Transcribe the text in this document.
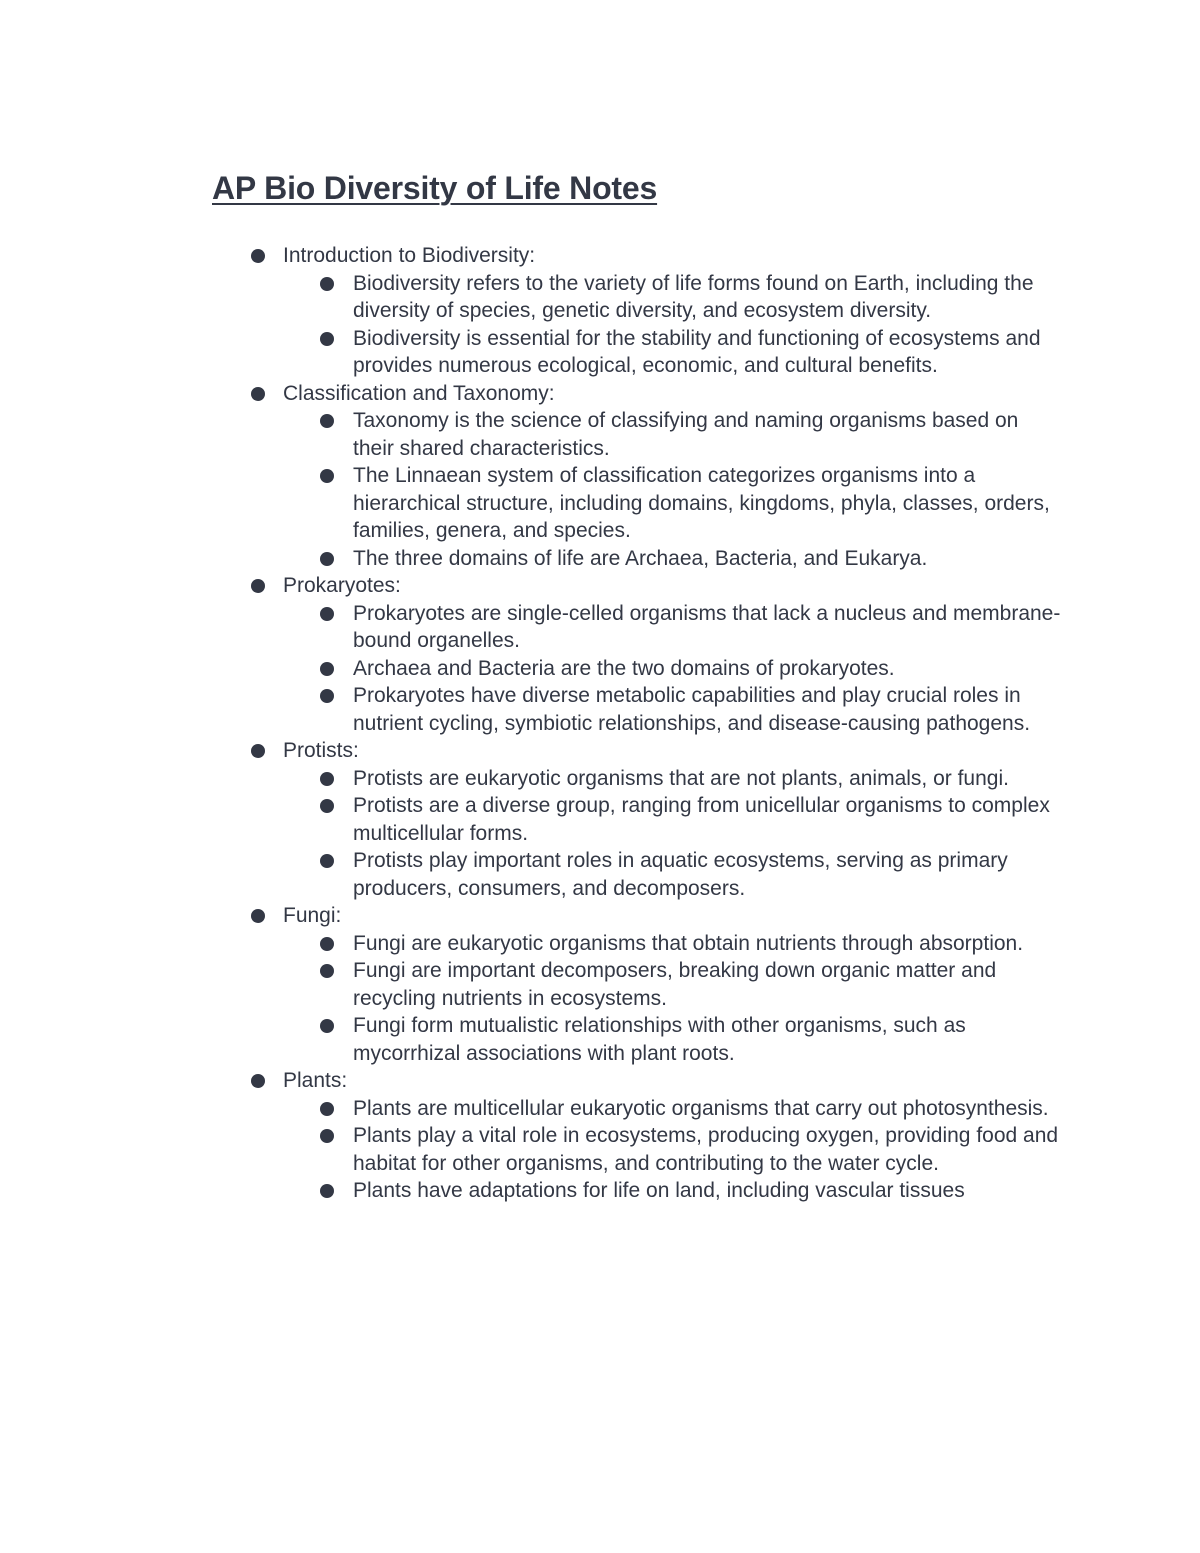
AP Bio Diversity of Life Notes
Introduction to Biodiversity:
Biodiversity refers to the variety of life forms found on Earth, including the diversity of species, genetic diversity, and ecosystem diversity.
Biodiversity is essential for the stability and functioning of ecosystems and provides numerous ecological, economic, and cultural benefits.
Classification and Taxonomy:
Taxonomy is the science of classifying and naming organisms based on their shared characteristics.
The Linnaean system of classification categorizes organisms into a hierarchical structure, including domains, kingdoms, phyla, classes, orders, families, genera, and species.
The three domains of life are Archaea, Bacteria, and Eukarya.
Prokaryotes:
Prokaryotes are single-celled organisms that lack a nucleus and membrane-bound organelles.
Archaea and Bacteria are the two domains of prokaryotes.
Prokaryotes have diverse metabolic capabilities and play crucial roles in nutrient cycling, symbiotic relationships, and disease-causing pathogens.
Protists:
Protists are eukaryotic organisms that are not plants, animals, or fungi.
Protists are a diverse group, ranging from unicellular organisms to complex multicellular forms.
Protists play important roles in aquatic ecosystems, serving as primary producers, consumers, and decomposers.
Fungi:
Fungi are eukaryotic organisms that obtain nutrients through absorption.
Fungi are important decomposers, breaking down organic matter and recycling nutrients in ecosystems.
Fungi form mutualistic relationships with other organisms, such as mycorrhizal associations with plant roots.
Plants:
Plants are multicellular eukaryotic organisms that carry out photosynthesis.
Plants play a vital role in ecosystems, producing oxygen, providing food and habitat for other organisms, and contributing to the water cycle.
Plants have adaptations for life on land, including vascular tissues
